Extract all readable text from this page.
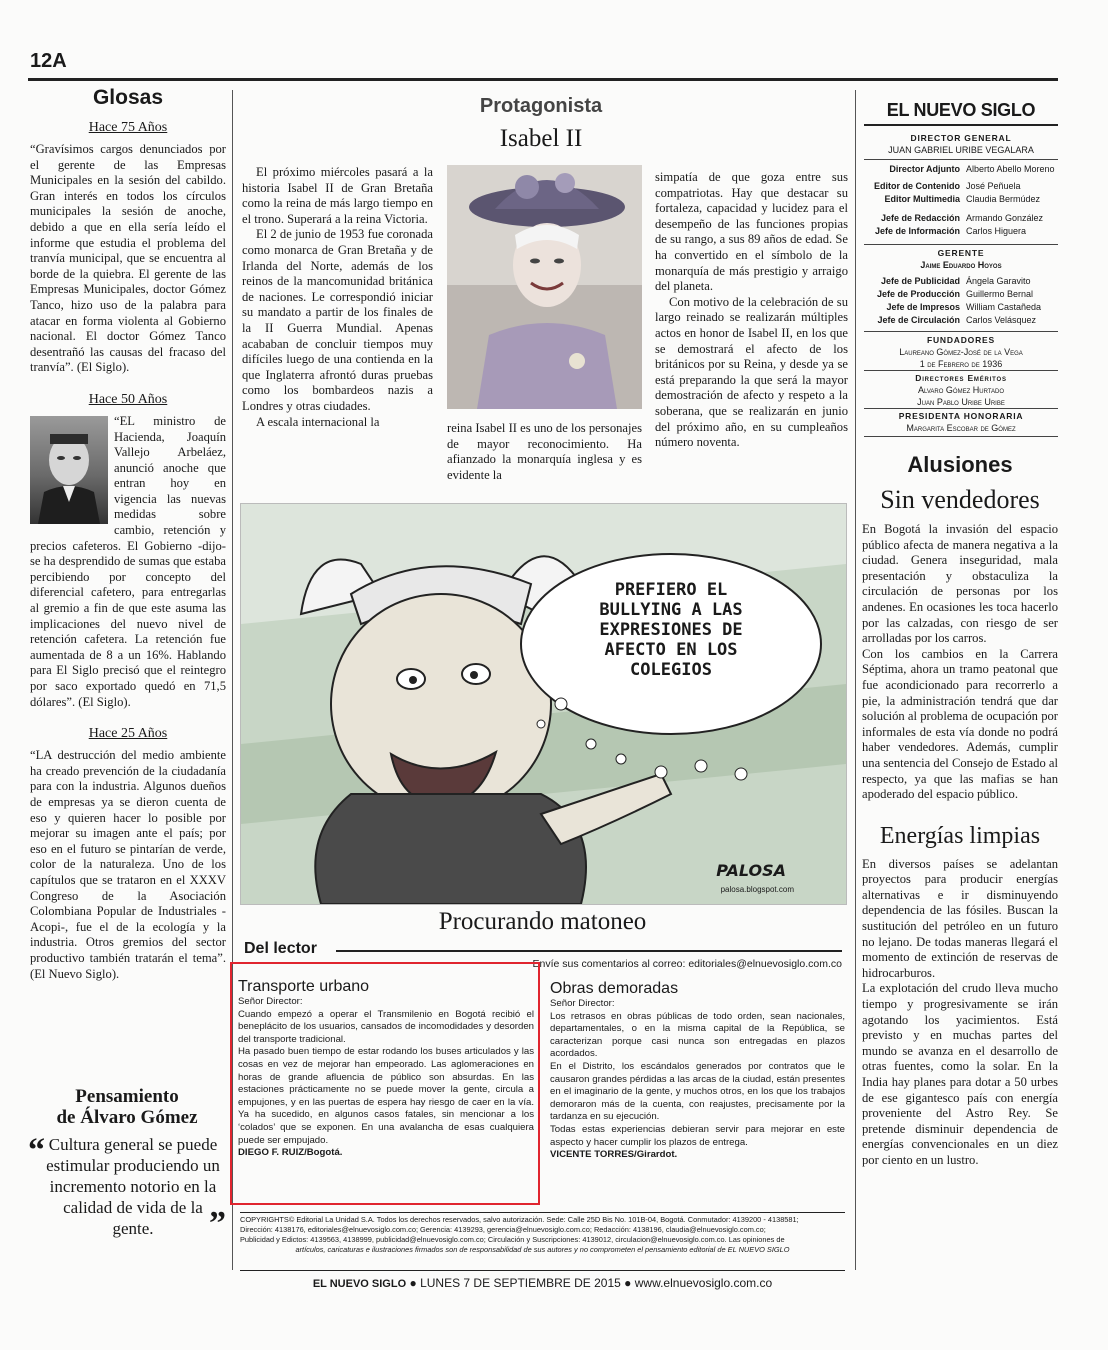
12A
Glosas
Hace 75 Años

“Gravísimos cargos denunciados por el gerente de las Empresas Municipales en la sesión del cabildo. Gran interés en todos los círculos municipales la sesión de anoche, debido a que en ella sería leído el informe que estudia el problema del tranvía municipal, que se encuentra al borde de la quiebra. El gerente de las Empresas Municipales, doctor Gómez Tanco, hizo uso de la palabra para atacar en forma violenta al Gobierno nacional. El doctor Gómez Tanco desentrañó las causas del fracaso del tranvía”. (El Siglo).

Hace 50 Años

“EL ministro de Hacienda, Joaquín Vallejo Arbeláez, anunció anoche que entran hoy en vigencia las nuevas medidas sobre cambio, retención y precios cafeteros. El Gobierno -dijo- se ha desprendido de sumas que estaba percibiendo por concepto del diferencial cafetero, para entregarlas al gremio a fin de que este asuma las implicaciones del nuevo nivel de retención cafetera. La retención fue aumentada de 8 a un 16%. Hablando para El Siglo precisó que el reintegro por saco exportado quedó en 71,5 dólares”. (El Siglo).

Hace 25 Años

“LA destrucción del medio ambiente ha creado prevención de la ciudadanía para con la industria. Algunos dueños de empresas ya se dieron cuenta de eso y quieren hacer lo posible por mejorar su imagen ante el país; por eso en el futuro se pintarían de verde, color de la naturaleza. Uno de los capítulos que se trataron en el XXXV Congreso de la Asociación Colombiana Popular de Industriales -Acopi-, fue el de la ecología y la industria. Otros gremios del sector productivo también tratarán el tema”. (El Nuevo Siglo).

Pensamiento
de Álvaro Gómez
“
”

Cultura general se puede estimular produciendo un incremento notorio en la calidad de vida de la gente.

Protagonista
Isabel II

El próximo miércoles pasará a la historia Isabel II de Gran Bretaña como la reina de más largo tiempo en el trono. Superará a la reina Victoria.

El 2 de junio de 1953 fue coronada como monarca de Gran Bretaña y de Irlanda del Norte, además de los reinos de la mancomunidad británica de naciones. Le correspondió iniciar su mandato a partir de los finales de la II Guerra Mundial. Apenas acababan de concluir tiempos muy difíciles luego de una contienda en la que Inglaterra afrontó duras pruebas como los bombardeos nazis a Londres y otras ciudades.

A escala internacional la	reina Isabel II es uno de los personajes de mayor reconocimiento. Ha afianzado la monarquía inglesa y es evidente la

simpatía de que goza entre sus compatriotas. Hay que destacar su fortaleza, capacidad y lucidez para el desempeño de las funciones propias de su rango, a sus 89 años de edad. Se ha convertido en el símbolo de la monarquía de más prestigio y arraigo del planeta.

Con motivo de la celebración de su largo reinado se realizarán múltiples actos en honor de Isabel II, en los que se demostrará el afecto de los británicos por su Reina, y desde ya se está preparando la que será la mayor demostración de afecto y respeto a la soberana, que se realizarán en junio del próximo año, en su cumpleaños número noventa.

PREFIERO EL BULLYING A LAS EXPRESIONES DE AFECTO EN LOS COLEGIOS
PALOSA
palosa.blogspot.com
Procurando matoneo
Del lector
Envíe sus comentarios al correo: editoriales@elnuevosiglo.com.co

Transporte urbano

Señor Director:

Cuando empezó a operar el Transmilenio en Bogotá recibió el beneplácito de los usuarios, cansados de incomodidades y desorden del transporte tradicional.

Ha pasado buen tiempo de estar rodando los buses articulados y las cosas en vez de mejorar han empeorado. Las aglomeraciones en horas de grande afluencia de público son absurdas. En las estaciones prácticamente no se puede mover la gente, circula a empujones, y en las puertas de espera hay riesgo de caer en la vía. Ya ha sucedido, en algunos casos fatales, sin mencionar a los ‘colados’ que se exponen. En una avalancha de esas cualquiera puede ser empujado.

DIEGO F. RUIZ/Bogotá.

Obras demoradas

Señor Director:

Los retrasos en obras públicas de todo orden, sean nacionales, departamentales, o en la misma capital de la República, se caracterizan porque casi nunca son entregadas en plazos acordados.

En el Distrito, los escándalos generados por contratos que le causaron grandes pérdidas a las arcas de la ciudad, están presentes en el imaginario de la gente, y muchos otros, en los que los trabajos demoraron más de la cuenta, con reajustes, precisamente por la tardanza en su ejecución.

Todas estas experiencias debieran servir para mejorar en este aspecto y hacer cumplir los plazos de entrega.

VICENTE TORRES/Girardot.

COPYRIGHTS© Editorial La Unidad S.A. Todos los derechos reservados, salvo autorización. Sede: Calle 25D Bis No. 101B-04, Bogotá. Conmutador: 4139200 - 4138581;
Dirección: 4138176, editoriales@elnuevosiglo.com.co; Gerencia: 4139293, gerencia@elnuevosiglo.com.co; Redacción: 4138196, claudia@elnuevosiglo.com.co;
Publicidad y Edictos: 4139563, 4138999, publicidad@elnuevosiglo.com.co; Circulación y Suscripciones: 4139012, circulacion@elnuevosiglo.com.co. Las opiniones de
artículos, caricaturas e ilustraciones firmados son de responsabilidad de sus autores y no comprometen el pensamiento editorial de EL NUEVO SIGLO
EL NUEVO SIGLO
DIRECTOR GENERAL
JUAN GABRIEL URIBE VEGALARA
Director Adjunto Alberto Abello Moreno
Editor de Contenido José Peñuela
Editor Multimedia Claudia Bermúdez
Jefe de Redacción Armando González
Jefe de Información Carlos Higuera
GERENTE
Jaime Eduardo Hoyos
Jefe de Publicidad Ángela Garavito
Jefe de Producción Guillermo Bernal
Jefe de Impresos William Castañeda
Jefe de Circulación Carlos Velásquez
FUNDADORES
Laureano Gómez-José de la Vega
1 de Febrero de 1936
Directores Eméritos
Alvaro Gómez Hurtado
Juan Pablo Uribe Uribe
PRESIDENTA HONORARIA
Margarita Escobar de Gómez
Alusiones
Sin vendedores

En Bogotá la invasión del espacio público afecta de manera negativa a la ciudad. Genera inseguridad, mala presentación y obstaculiza la circulación de personas por los andenes. En ocasiones les toca hacerlo por las calzadas, con riesgo de ser arrolladas por los carros.

Con los cambios en la Carrera Séptima, ahora un tramo peatonal que fue acondicionado para recorrerlo a pie, la administración tendrá que dar solución al problema de ocupación por informales de esta vía donde no podrá haber vendedores. Además, cumplir una sentencia del Consejo de Estado al respecto, ya que las mafias se han apoderado del espacio público.

Energías limpias

En diversos países se adelantan proyectos para producir energías alternativas e ir disminuyendo dependencia de las fósiles. Buscan la sustitución del petróleo en un futuro no lejano. De todas maneras llegará el momento de extinción de reservas de hidrocarburos.

La explotación del crudo lleva mucho tiempo y progresivamente se irán agotando los yacimientos. Está previsto y en muchas partes del mundo se avanza en el desarrollo de otras fuentes, como la solar. En la India hay planes para dotar a 50 urbes de ese gigantesco país con energía proveniente del Astro Rey. Se pretende disminuir dependencia de energías convencionales en un diez por ciento en un lustro.

EL NUEVO SIGLO ● LUNES 7 DE SEPTIEMBRE DE 2015 ● www.elnuevosiglo.com.co
